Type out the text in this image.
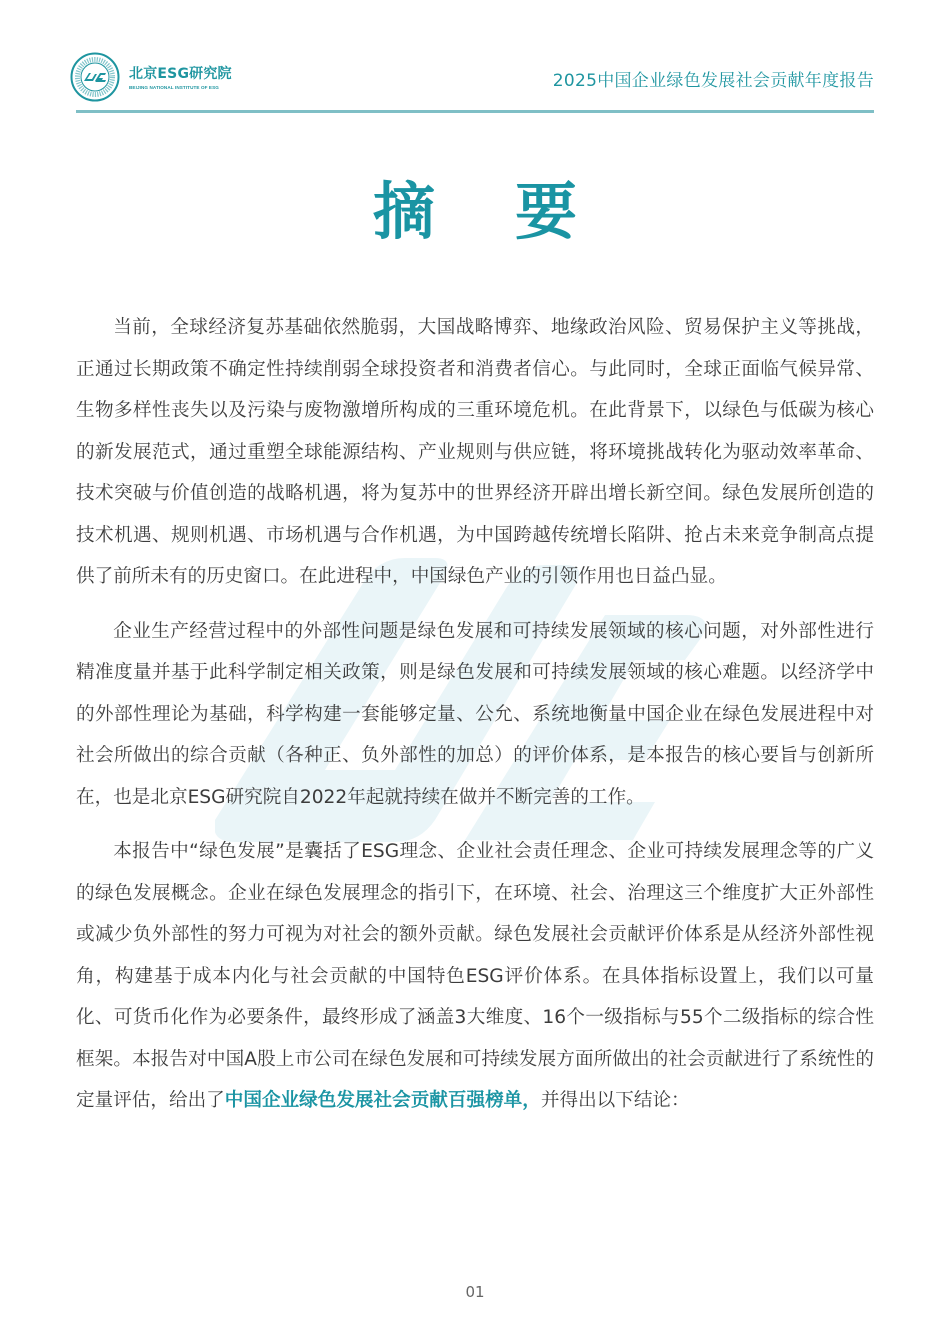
北京ESG研究院
BEIJING NATIONAL INSTITUTE OF ESG	2025中国企业绿色发展社会贡献年度报告
摘要

当前，全球经济复苏基础依然脆弱，大国战略博弈、地缘政治风险、贸易保护主义等挑战，正通过长期政策不确定性持续削弱全球投资者和消费者信心。与此同时，全球正面临气候异常、生物多样性丧失以及污染与废物激增所构成的三重环境危机。在此背景下，以绿色与低碳为核心的新发展范式，通过重塑全球能源结构、产业规则与供应链，将环境挑战转化为驱动效率革命、技术突破与价值创造的战略机遇，将为复苏中的世界经济开辟出增长新空间。绿色发展所创造的技术机遇、规则机遇、市场机遇与合作机遇，为中国跨越传统增长陷阱、抢占未来竞争制高点提供了前所未有的历史窗口。在此进程中，中国绿色产业的引领作用也日益凸显。

企业生产经营过程中的外部性问题是绿色发展和可持续发展领域的核心问题，对外部性进行精准度量并基于此科学制定相关政策，则是绿色发展和可持续发展领域的核心难题。以经济学中的外部性理论为基础，科学构建一套能够定量、公允、系统地衡量中国企业在绿色发展进程中对社会所做出的综合贡献（各种正、负外部性的加总）的评价体系，是本报告的核心要旨与创新所在，也是北京ESG研究院自2022年起就持续在做并不断完善的工作。

本报告中“绿色发展”是囊括了ESG理念、企业社会责任理念、企业可持续发展理念等的广义的绿色发展概念。企业在绿色发展理念的指引下，在环境、社会、治理这三个维度扩大正外部性或减少负外部性的努力可视为对社会的额外贡献。绿色发展社会贡献评价体系是从经济外部性视角，构建基于成本内化与社会贡献的中国特色ESG评价体系。在具体指标设置上，我们以可量化、可货币化作为必要条件，最终形成了涵盖3大维度、16个一级指标与55个二级指标的综合性框架。本报告对中国A股上市公司在绿色发展和可持续发展方面所做出的社会贡献进行了系统性的定量评估，给出了中国企业绿色发展社会贡献百强榜单，并得出以下结论：

01
